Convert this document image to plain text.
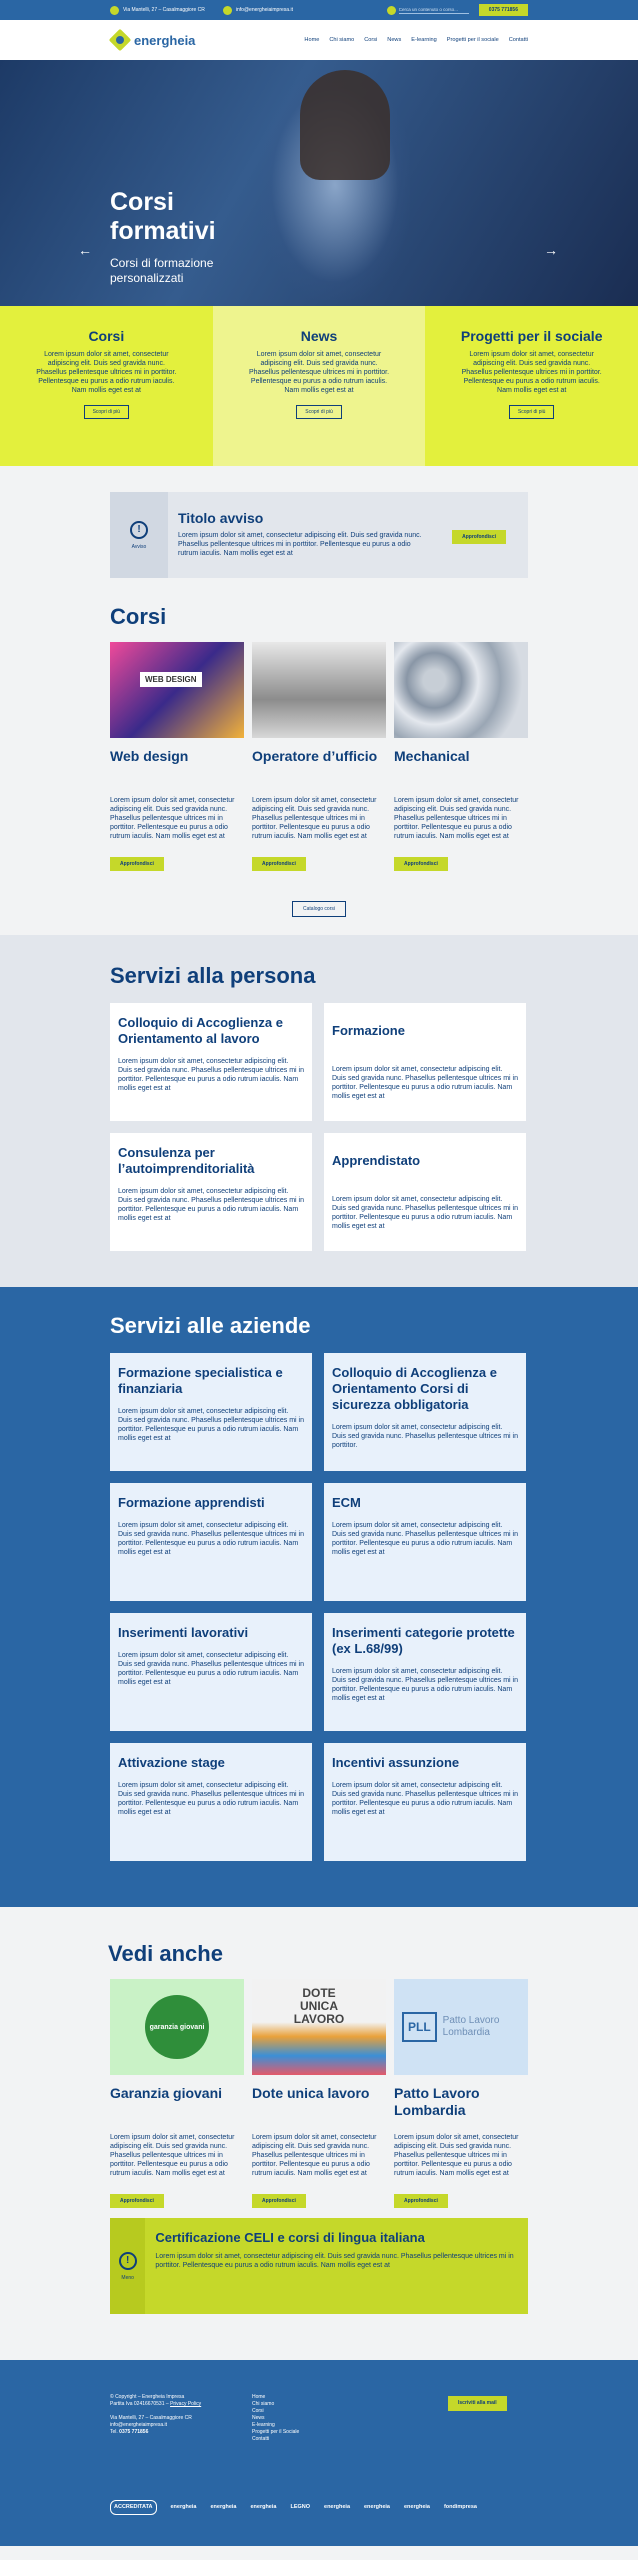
Via Mantelli, 27 – Casalmaggiore CR	info@energheiaimpresa.it	Cerca un contenuto o corso...	0375 771856
energheia	Home Chi siamo Corsi News E-learning Progetti per il sociale Contatti
←	→
Corsi formativi
Corsi di formazione personalizzati
Corsi

Lorem ipsum dolor sit amet, consectetur adipiscing elit. Duis sed gravida nunc. Phasellus pellentesque ultrices mi in porttitor. Pellentesque eu purus a odio rutrum iaculis. Nam mollis eget est at

Scopri di più
News

Lorem ipsum dolor sit amet, consectetur adipiscing elit. Duis sed gravida nunc. Phasellus pellentesque ultrices mi in porttitor. Pellentesque eu purus a odio rutrum iaculis. Nam mollis eget est at

Scopri di più
Progetti per il sociale

Lorem ipsum dolor sit amet, consectetur adipiscing elit. Duis sed gravida nunc. Phasellus pellentesque ultrices mi in porttitor. Pellentesque eu purus a odio rutrum iaculis. Nam mollis eget est at

Scopri di più
!
Avviso
Titolo avviso

Lorem ipsum dolor sit amet, consectetur adipiscing elit. Duis sed gravida nunc. Phasellus pellentesque ultrices mi in porttitor. Pellentesque eu purus a odio rutrum iaculis. Nam mollis eget est at

Approfondisci
Corsi
WEB DESIGN
Web design

Lorem ipsum dolor sit amet, consectetur adipiscing elit. Duis sed gravida nunc. Phasellus pellentesque ultrices mi in porttitor. Pellentesque eu purus a odio rutrum iaculis. Nam mollis eget est at

Approfondisci
Operatore d’ufficio

Lorem ipsum dolor sit amet, consectetur adipiscing elit. Duis sed gravida nunc. Phasellus pellentesque ultrices mi in porttitor. Pellentesque eu purus a odio rutrum iaculis. Nam mollis eget est at

Approfondisci
Mechanical

Lorem ipsum dolor sit amet, consectetur adipiscing elit. Duis sed gravida nunc. Phasellus pellentesque ultrices mi in porttitor. Pellentesque eu purus a odio rutrum iaculis. Nam mollis eget est at

Approfondisci
Catalogo corsi
Servizi alla persona
Colloquio di Accoglienza e Orientamento al lavoro

Lorem ipsum dolor sit amet, consectetur adipiscing elit. Duis sed gravida nunc. Phasellus pellentesque ultrices mi in porttitor. Pellentesque eu purus a odio rutrum iaculis. Nam mollis eget est at

Formazione

Lorem ipsum dolor sit amet, consectetur adipiscing elit. Duis sed gravida nunc. Phasellus pellentesque ultrices mi in porttitor. Pellentesque eu purus a odio rutrum iaculis. Nam mollis eget est at

Consulenza per l’autoimprenditorialità

Lorem ipsum dolor sit amet, consectetur adipiscing elit. Duis sed gravida nunc. Phasellus pellentesque ultrices mi in porttitor. Pellentesque eu purus a odio rutrum iaculis. Nam mollis eget est at

Apprendistato

Lorem ipsum dolor sit amet, consectetur adipiscing elit. Duis sed gravida nunc. Phasellus pellentesque ultrices mi in porttitor. Pellentesque eu purus a odio rutrum iaculis. Nam mollis eget est at

Servizi alle aziende
Formazione specialistica e finanziaria

Lorem ipsum dolor sit amet, consectetur adipiscing elit. Duis sed gravida nunc. Phasellus pellentesque ultrices mi in porttitor. Pellentesque eu purus a odio rutrum iaculis. Nam mollis eget est at

Colloquio di Accoglienza e Orientamento Corsi di sicurezza obbligatoria

Lorem ipsum dolor sit amet, consectetur adipiscing elit. Duis sed gravida nunc. Phasellus pellentesque ultrices mi in porttitor.

Formazione apprendisti

Lorem ipsum dolor sit amet, consectetur adipiscing elit. Duis sed gravida nunc. Phasellus pellentesque ultrices mi in porttitor. Pellentesque eu purus a odio rutrum iaculis. Nam mollis eget est at

ECM

Lorem ipsum dolor sit amet, consectetur adipiscing elit. Duis sed gravida nunc. Phasellus pellentesque ultrices mi in porttitor. Pellentesque eu purus a odio rutrum iaculis. Nam mollis eget est at

Inserimenti lavorativi

Lorem ipsum dolor sit amet, consectetur adipiscing elit. Duis sed gravida nunc. Phasellus pellentesque ultrices mi in porttitor. Pellentesque eu purus a odio rutrum iaculis. Nam mollis eget est at

Inserimenti categorie protette (ex L.68/99)

Lorem ipsum dolor sit amet, consectetur adipiscing elit. Duis sed gravida nunc. Phasellus pellentesque ultrices mi in porttitor. Pellentesque eu purus a odio rutrum iaculis. Nam mollis eget est at

Attivazione stage

Lorem ipsum dolor sit amet, consectetur adipiscing elit. Duis sed gravida nunc. Phasellus pellentesque ultrices mi in porttitor. Pellentesque eu purus a odio rutrum iaculis. Nam mollis eget est at

Incentivi assunzione

Lorem ipsum dolor sit amet, consectetur adipiscing elit. Duis sed gravida nunc. Phasellus pellentesque ultrices mi in porttitor. Pellentesque eu purus a odio rutrum iaculis. Nam mollis eget est at

Vedi anche
garanzia giovani
Garanzia giovani

Lorem ipsum dolor sit amet, consectetur adipiscing elit. Duis sed gravida nunc. Phasellus pellentesque ultrices mi in porttitor. Pellentesque eu purus a odio rutrum iaculis. Nam mollis eget est at

Approfondisci
DOTE UNICA LAVORO
Dote unica lavoro

Lorem ipsum dolor sit amet, consectetur adipiscing elit. Duis sed gravida nunc. Phasellus pellentesque ultrices mi in porttitor. Pellentesque eu purus a odio rutrum iaculis. Nam mollis eget est at

Approfondisci
PLL	Patto Lavoro Lombardia
Patto Lavoro Lombardia

Lorem ipsum dolor sit amet, consectetur adipiscing elit. Duis sed gravida nunc. Phasellus pellentesque ultrices mi in porttitor. Pellentesque eu purus a odio rutrum iaculis. Nam mollis eget est at

Approfondisci
!
Meno
Certificazione CELI e corsi di lingua italiana

Lorem ipsum dolor sit amet, consectetur adipiscing elit. Duis sed gravida nunc. Phasellus pellentesque ultrices mi in porttitor. Pellentesque eu purus a odio rutrum iaculis. Nam mollis eget est at

© Copyright – Energheia Impresa
Partita Iva 02416670531 – Privacy Policy
Via Mantelli, 27 – Casalmaggiore CR
info@energheiaimpresa.it
Tel. 0375 771856
Home
Chi siamo
Corsi
News
E-learning
Progetti per il Sociale
Contatti
Iscriviti alla mail
ACCREDITATA	energheia	energheia	energheia	LEGNO	energheia	energheia	energheia	fondimpresa
